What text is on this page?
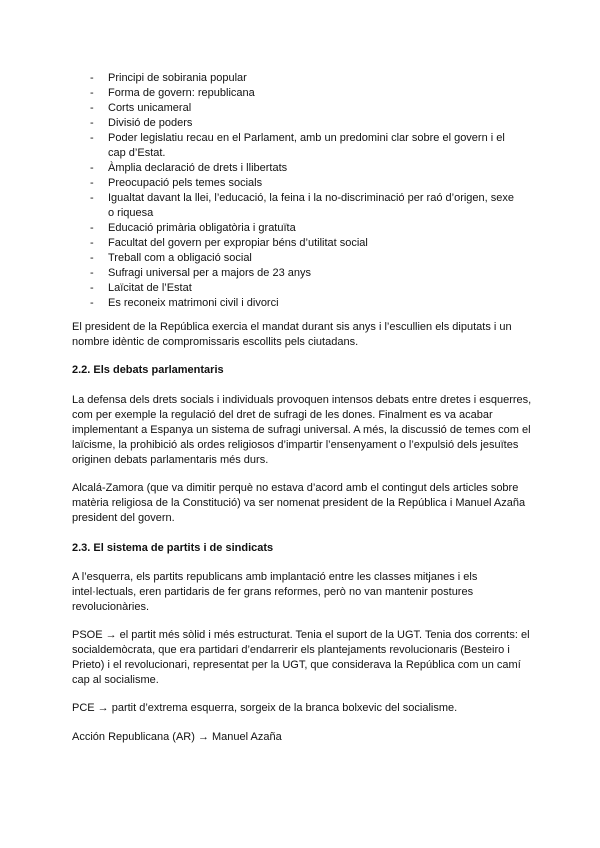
- Principi de sobirania popular
- Forma de govern: republicana
- Corts unicameral
- Divisió de poders
- Poder legislatiu recau en el Parlament, amb un predomini clar sobre el govern i el cap d’Estat.
- Àmplia declaració de drets i llibertats
- Preocupació pels temes socials
- Igualtat davant la llei, l’educació, la feina i la no-discriminació per raó d’origen, sexe o riquesa
- Educació primària obligatòria i gratuïta
- Facultat del govern per expropiar béns d’utilitat social
- Treball com a obligació social
- Sufragi universal per a majors de 23 anys
- Laïcitat de l’Estat
- Es reconeix matrimoni civil i divorci

El president de la República exercia el mandat durant sis anys i l’escullien els diputats i un nombre idèntic de compromissaris escollits pels ciutadans.

2.2. Els debats parlamentaris

La defensa dels drets socials i individuals provoquen intensos debats entre dretes i esquerres, com per exemple la regulació del dret de sufragi de les dones. Finalment es va acabar implementant a Espanya un sistema de sufragi universal. A més, la discussió de temes com el laïcisme, la prohibició als ordes religiosos d’impartir l’ensenyament o l’expulsió dels jesuïtes originen debats parlamentaris més durs.

Alcalá-Zamora (que va dimitir perquè no estava d’acord amb el contingut dels articles sobre matèria religiosa de la Constitució) va ser nomenat president de la República i Manuel Azaña president del govern.

2.3. El sistema de partits i de sindicats

A l’esquerra, els partits republicans amb implantació entre les classes mitjanes i els intel·lectuals, eren partidaris de fer grans reformes, però no van mantenir postures revolucionàries.

PSOE → el partit més sòlid i més estructurat. Tenia el suport de la UGT. Tenia dos corrents: el socialdemòcrata, que era partidari d’endarrerir els plantejaments revolucionaris (Besteiro i Prieto) i el revolucionari, representat per la UGT, que considerava la República com un camí cap al socialisme.

PCE → partit d’extrema esquerra, sorgeix de la branca bolxevic del socialisme.

Acción Republicana (AR) → Manuel Azaña
